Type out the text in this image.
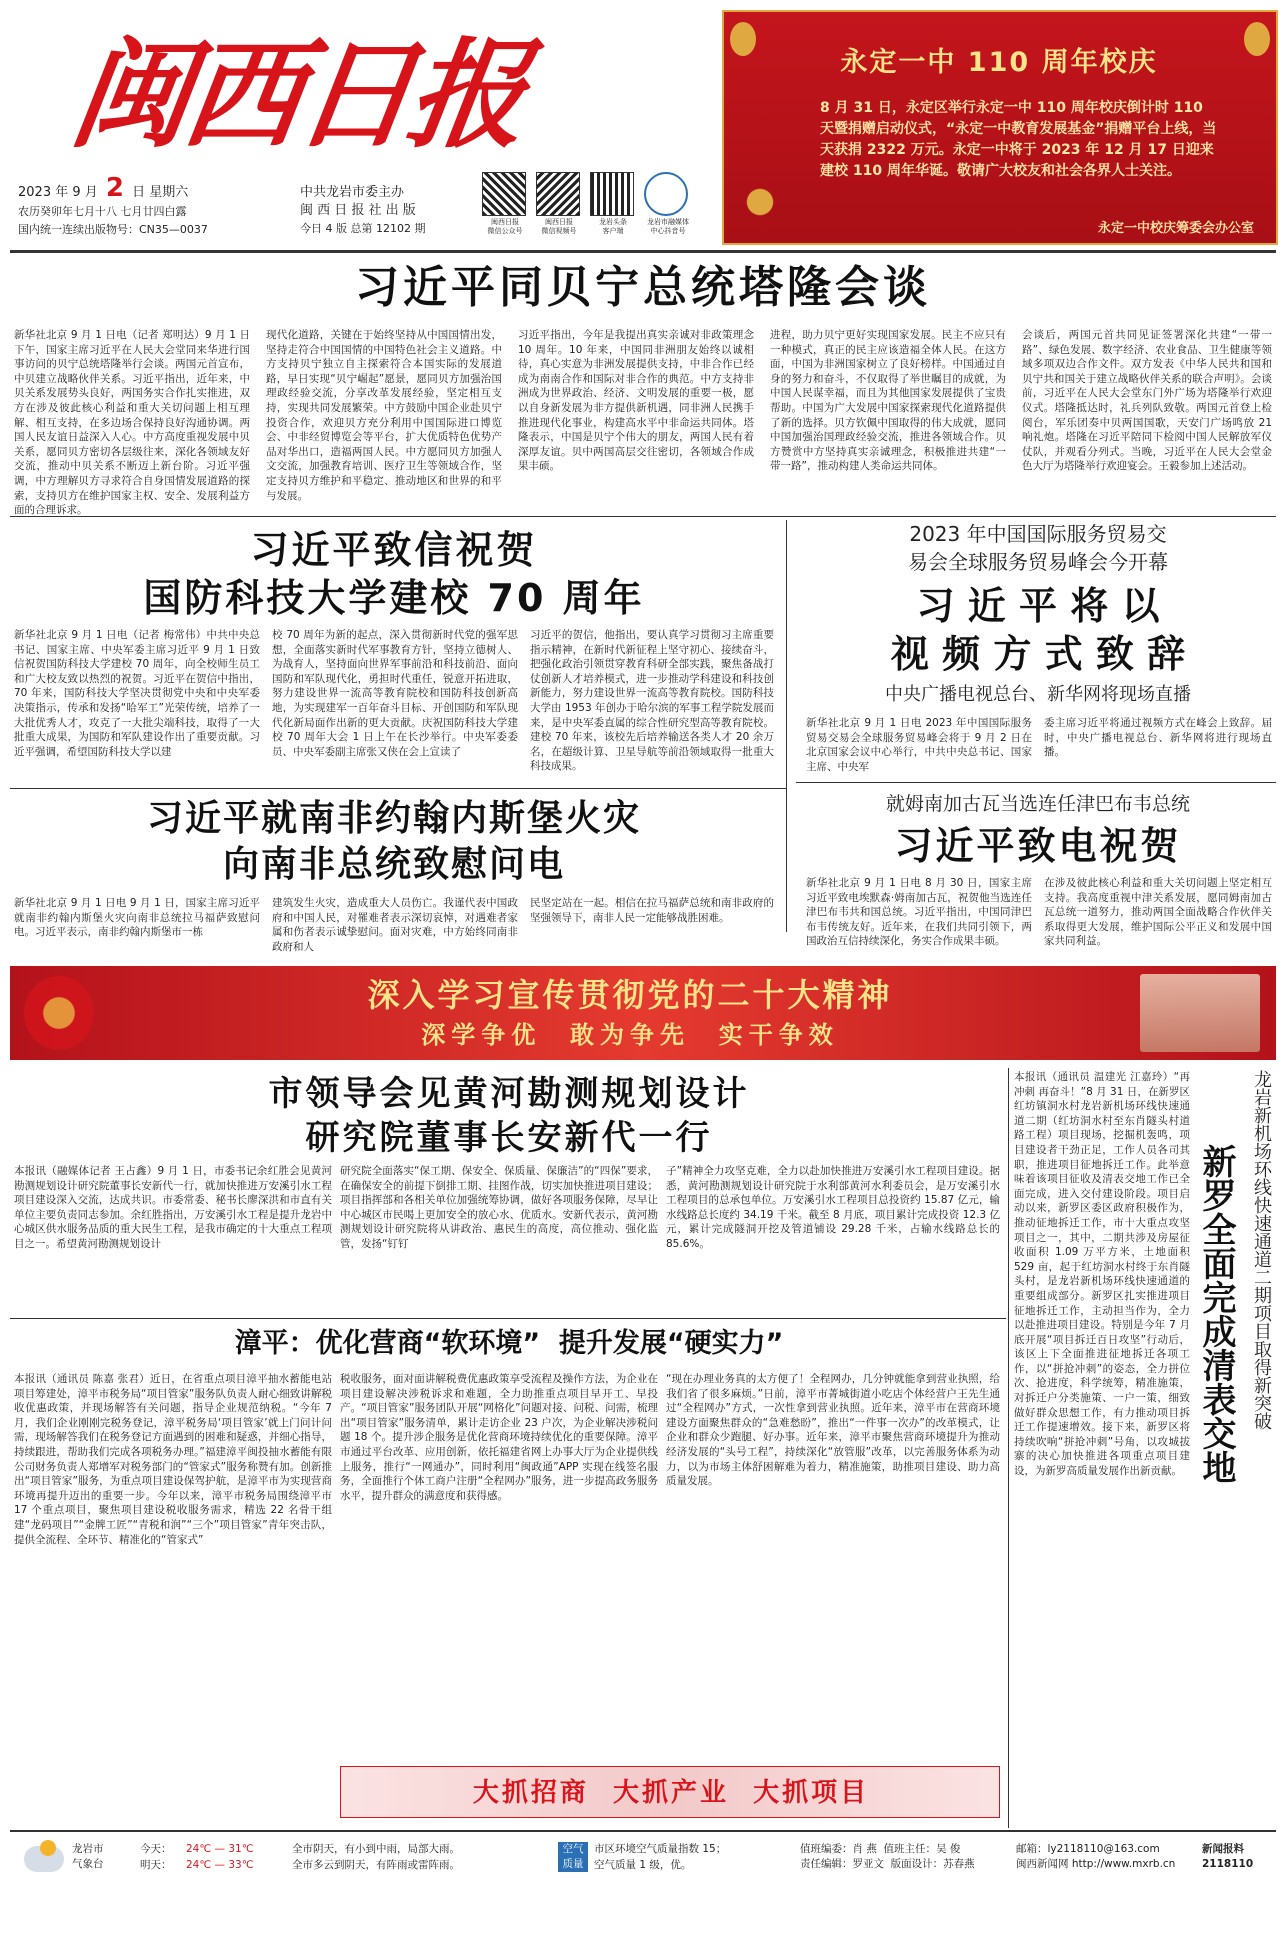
闽西日报
2023 年 9 月 2 日 星期六
农历癸卯年七月十八 七月廿四白露
国内统一连续出版物号：CN35—0037
中共龙岩市委主办
闽 西 日 报 社 出 版
今日 4 版 总第 12102 期	闽西日报
微信公众号
闽西日报
微信视频号
龙岩头条
客户端
龙岩市融媒体
中心抖音号
永定一中 110 周年校庆
8 月 31 日，永定区举行永定一中 110 周年校庆倒计时 110 天暨捐赠启动仪式，“永定一中教育发展基金”捐赠平台上线，当天获捐 2322 万元。永定一中将于 2023 年 12 月 17 日迎来建校 110 周年华诞。敬请广大校友和社会各界人士关注。
永定一中校庆筹委会办公室
习近平同贝宁总统塔隆会谈
新华社北京 9 月 1 日电（记者 郑明达）9 月 1 日下午，国家主席习近平在人民大会堂同来华进行国事访问的贝宁总统塔隆举行会谈。两国元首宣布，中贝建立战略伙伴关系。习近平指出，近年来，中贝关系发展势头良好，两国务实合作扎实推进，双方在涉及彼此核心利益和重大关切问题上相互理解、相互支持，在多边场合保持良好沟通协调。两国人民友谊日益深入人心。中方高度重视发展中贝关系，愿同贝方密切各层级往来，深化各领域友好交流，推动中贝关系不断迈上新台阶。习近平强调，中方理解贝方寻求符合自身国情发展道路的探索，支持贝方在维护国家主权、安全、发展利益方面的合理诉求。
现代化道路，关键在于始终坚持从中国国情出发，坚持走符合中国国情的中国特色社会主义道路。中方支持贝宁独立自主探索符合本国实际的发展道路，早日实现“贝宁崛起”愿景，愿同贝方加强治国理政经验交流，分享改革发展经验，坚定相互支持，实现共同发展繁荣。中方鼓励中国企业赴贝宁投资合作，欢迎贝方充分利用中国国际进口博览会、中非经贸博览会等平台，扩大优质特色优势产品对华出口，造福两国人民。中方愿同贝方加强人文交流，加强教育培训、医疗卫生等领域合作，坚定支持贝方维护和平稳定、推动地区和世界的和平与发展。
习近平指出，今年是我提出真实亲诚对非政策理念 10 周年。10 年来，中国同非洲朋友始终以诚相待，真心实意为非洲发展提供支持，中非合作已经成为南南合作和国际对非合作的典范。中方支持非洲成为世界政治、经济、文明发展的重要一极，愿以自身新发展为非方提供新机遇，同非洲人民携手推进现代化事业，构建高水平中非命运共同体。塔隆表示，中国是贝宁个伟大的朋友，两国人民有着深厚友谊。贝中两国高层交往密切，各领域合作成果丰硕。
进程，助力贝宁更好实现国家发展。民主不应只有一种模式，真正的民主应该造福全体人民。在这方面，中国为非洲国家树立了良好榜样。中国通过自身的努力和奋斗，不仅取得了举世瞩目的成就，为中国人民谋幸福，而且为其他国家发展提供了宝贵帮助。中国为广大发展中国家探索现代化道路提供了新的选择。贝方钦佩中国取得的伟大成就，愿同中国加强治国理政经验交流，推进各领域合作。贝方赞赏中方坚持真实亲诚理念，积极推进共建“一带一路”，推动构建人类命运共同体。
会谈后，两国元首共同见证签署深化共建“一带一路”、绿色发展、数字经济、农业食品、卫生健康等领域多项双边合作文件。双方发表《中华人民共和国和贝宁共和国关于建立战略伙伴关系的联合声明》。会谈前，习近平在人民大会堂东门外广场为塔隆举行欢迎仪式。塔隆抵达时，礼兵列队致敬。两国元首登上检阅台，军乐团奏中贝两国国歌，天安门广场鸣放 21 响礼炮。塔隆在习近平陪同下检阅中国人民解放军仪仗队，并观看分列式。当晚，习近平在人民大会堂金色大厅为塔隆举行欢迎宴会。王毅参加上述活动。
习近平致信祝贺
国防科技大学建校 70 周年
新华社北京 9 月 1 日电（记者 梅常伟）中共中央总书记、国家主席、中央军委主席习近平 9 月 1 日致信祝贺国防科技大学建校 70 周年，向全校师生员工和广大校友致以热烈的祝贺。习近平在贺信中指出，70 年来，国防科技大学坚决贯彻党中央和中央军委决策指示，传承和发扬“哈军工”光荣传统，培养了一大批优秀人才，攻克了一大批尖端科技，取得了一大批重大成果，为国防和军队建设作出了重要贡献。习近平强调，希望国防科技大学以建
校 70 周年为新的起点，深入贯彻新时代党的强军思想，全面落实新时代军事教育方针，坚持立德树人、为战育人，坚持面向世界军事前沿和科技前沿、面向国防和军队现代化，勇担时代重任，锐意开拓进取，努力建设世界一流高等教育院校和国防科技创新高地，为实现建军一百年奋斗目标、开创国防和军队现代化新局面作出新的更大贡献。庆祝国防科技大学建校 70 周年大会 1 日上午在长沙举行。中央军委委员、中央军委副主席张又侠在会上宣读了
习近平的贺信，他指出，要认真学习贯彻习主席重要指示精神，在新时代新征程上坚守初心、接续奋斗，把强化政治引领贯穿教育科研全部实践，聚焦备战打仗创新人才培养模式，进一步推动学科建设和科技创新能力，努力建设世界一流高等教育院校。国防科技大学由 1953 年创办于哈尔滨的军事工程学院发展而来，是中央军委直属的综合性研究型高等教育院校。建校 70 年来，该校先后培养输送各类人才 20 余万名，在超级计算、卫星导航等前沿领域取得一批重大科技成果。
2023 年中国国际服务贸易交
易会全球服务贸易峰会今开幕
习 近 平 将 以
视 频 方 式 致 辞
中央广播电视总台、新华网将现场直播
新华社北京 9 月 1 日电 2023 年中国国际服务贸易交易会全球服务贸易峰会将于 9 月 2 日在北京国家会议中心举行，中共中央总书记、国家主席、中央军
委主席习近平将通过视频方式在峰会上致辞。届时，中央广播电视总台、新华网将进行现场直播。
习近平就南非约翰内斯堡火灾
向南非总统致慰问电
新华社北京 9 月 1 日电 9 月 1 日，国家主席习近平就南非约翰内斯堡火灾向南非总统拉马福萨致慰问电。习近平表示，南非约翰内斯堡市一栋
建筑发生火灾，造成重大人员伤亡。我谨代表中国政府和中国人民，对罹难者表示深切哀悼，对遇难者家属和伤者表示诚挚慰问。面对灾难，中方始终同南非政府和人
民坚定站在一起。相信在拉马福萨总统和南非政府的坚强领导下，南非人民一定能够战胜困难。
就姆南加古瓦当选连任津巴布韦总统
习近平致电祝贺
新华社北京 9 月 1 日电 8 月 30 日，国家主席习近平致电埃默森·姆南加古瓦，祝贺他当选连任津巴布韦共和国总统。习近平指出，中国同津巴布韦传统友好。近年来，在我们共同引领下，两国政治互信持续深化，务实合作成果丰硕。
在涉及彼此核心利益和重大关切问题上坚定相互支持。我高度重视中津关系发展，愿同姆南加古瓦总统一道努力，推动两国全面战略合作伙伴关系取得更大发展，维护国际公平正义和发展中国家共同利益。
深入学习宣传贯彻党的二十大精神
深学争优  敢为争先  实干争效
市领导会见黄河勘测规划设计
研究院董事长安新代一行
本报讯（融媒体记者 王占鑫）9 月 1 日，市委书记余红胜会见黄河勘测规划设计研究院董事长安新代一行，就加快推进万安溪引水工程项目建设深入交流，达成共识。市委常委、秘书长廖深洪和市直有关单位主要负责同志参加。余红胜指出，万安溪引水工程是提升龙岩中心城区供水服务品质的重大民生工程，是我市确定的十大重点工程项目之一。希望黄河勘测规划设计
研究院全面落实“保工期、保安全、保质量、保廉洁”的“四保”要求，在确保安全的前提下倒排工期、挂图作战，切实加快推进项目建设；项目指挥部和各相关单位加强统筹协调，做好各项服务保障，尽早让中心城区市民喝上更加安全的放心水、优质水。安新代表示，黄河勘测规划设计研究院将从讲政治、惠民生的高度，高位推动、强化监管，发扬“钉钉
子”精神全力攻坚克难，全力以赴加快推进万安溪引水工程项目建设。据悉，黄河勘测规划设计研究院于水利部黄河水利委员会，是万安溪引水工程项目的总承包单位。万安溪引水工程项目总投资约 15.87 亿元，输水线路总长度约 34.19 千米。截至 8 月底，项目累计完成投资 12.3 亿元，累计完成隧洞开挖及管道铺设 29.28 千米，占输水线路总长的 85.6%。
漳平：优化营商“软环境”  提升发展“硬实力”
本报讯（通讯员 陈嘉 张君）近日，在省重点项目漳平抽水蓄能电站项目筹建处，漳平市税务局“项目管家”服务队负责人耐心细致讲解税收优惠政策，并现场解答有关问题，指导企业规范纳税。“今年 7 月，我们企业刚刚完税务登记，漳平税务局‘项目管家’就上门问计问需，现场解答我们在税务登记方面遇到的困难和疑惑，并细心指导，持续跟进，帮助我们完成各项税务办理。”福建漳平闽投抽水蓄能有限公司财务负责人郑增军对税务部门的“管家式”服务称赞有加。创新推出“项目管家”服务，为重点项目建设保驾护航，是漳平市为实现营商环境再提升迈出的重要一步。今年以来，漳平市税务局围绕漳平市 17 个重点项目，聚焦项目建设税收服务需求，精选 22 名骨干组建“龙码项目”“金牌工匠”“青税和润”“三个”项目管家”青年突击队，提供全流程、全环节、精准化的“管家式”
税收服务，面对面讲解税费优惠政策享受流程及操作方法，为企业在项目建设解决涉税诉求和难题，全力助推重点项目早开工、早投产。“项目管家”服务团队开展“网格化”问题对接、问税、问需，梳理出“项目管家”服务清单，累计走访企业 23 户次，为企业解决涉税问题 18 个。提升涉企服务是优化营商环境持续优化的重要保障。漳平市通过平台改革、应用创新，依托福建省网上办事大厅为企业提供线上服务，推行“一网通办”，同时利用“闽政通”APP 实现在线签名服务，全面推行个体工商户注册“全程网办”服务，进一步提高政务服务水平，提升群众的满意度和获得感。
“现在办理业务真的太方便了！全程网办，几分钟就能拿到营业执照，给我们省了很多麻烦。”日前，漳平市菁城街道小吃店个体经营户王先生通过“全程网办”方式，一次性拿到营业执照。近年来，漳平市在营商环境建设方面聚焦群众的“急难愁盼”，推出“一件事一次办”的改革模式，让企业和群众少跑腿、好办事。近年来，漳平市聚焦营商环境提升为推动经济发展的“头号工程”，持续深化“放管服”改革，以完善服务体系为动力，以为市场主体舒困解难为着力，精准施策，助推项目建设、助力高质量发展。
大抓招商  大抓产业  大抓项目
本报讯（通讯员 温建光 江嘉玲）“再冲刺 再奋斗！”8 月 31 日，在新罗区红坊镇洞水村龙岩新机场环线快速通道二期（红坊洞水村至东肖隧头村道路工程）项目现场，挖掘机轰鸣，项目建设者干劲正足，工作人员各司其职，推进项目征地拆迁工作。此举意味着该项目征收及清表交地工作已全面完成，进入交付建设阶段。项目启动以来，新罗区委区政府积极作为，推动征地拆迁工作，市十大重点攻坚项目之一，其中，二期共涉及房屋征收面积 1.09 万平方米，土地面积 529 亩，起于红坊洞水村终于东肖隧头村，是龙岩新机场环线快速通道的重要组成部分。新罗区扎实推进项目征地拆迁工作，主动担当作为，全力以赴推进项目建设。特别是今年 7 月底开展“项目拆迁百日攻坚”行动后，该区上下全面推进征地拆迁各项工作，以“拼抢冲刺”的姿态，全力拼位次、抢进度，科学统筹，精准施策，对拆迁户分类施策、一户一策，细致做好群众思想工作，有力推动项目拆迁工作提速增效。接下来，新罗区将持续吹响“拼抢冲刺”号角，以攻城拔寨的决心加快推进各项重点项目建设，为新罗高质量发展作出新贡献。 新罗全面完成清表交地 龙岩新机场环线快速通道二期项目取得新突破
龙岩市
气象台
今天：	24℃ — 31℃	全市阴天，有小到中雨，局部大雨。
明天：	24℃ — 33℃	全市多云到阴天，有阵雨或雷阵雨。
空气
质量
市区环境空气质量指数 15；
空气质量 1 级，优。
值班编委：肖 燕  值班主任：吴 俊
责任编辑：罗亚文  版面设计：苏春燕
邮箱：ly2118110@163.com
闽西新闻网 http://www.mxrb.cn
新闻报料
2118110
